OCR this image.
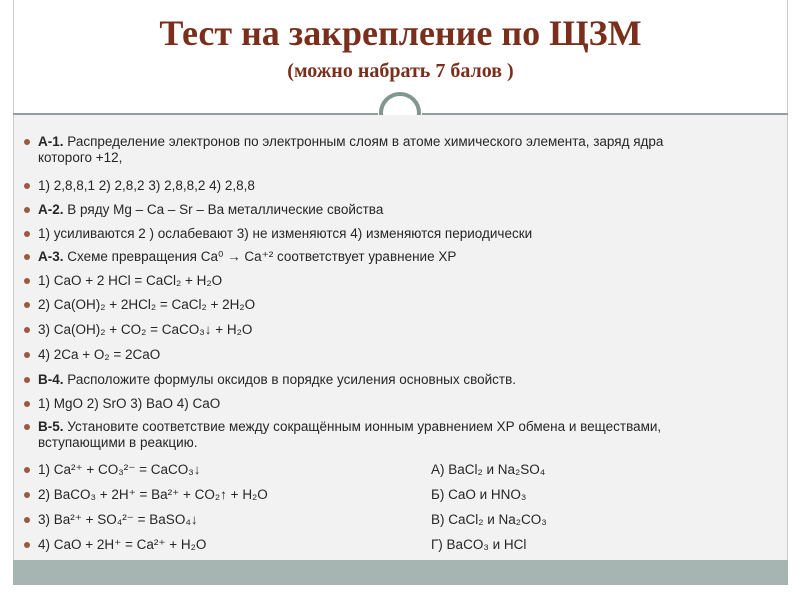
Тест на закрепление по ЩЗМ
(можно набрать 7 балов )
А-1. Распределение электронов по электронным слоям в атоме химического элемента, заряд ядра
которого +12,
1) 2,8,8,1 2) 2,8,2 3) 2,8,8,2 4) 2,8,8
А-2. В ряду Mg – Ca – Sr – Ba металлические свойства
1) усиливаются 2 ) ослабевают 3) не изменяются 4) изменяются периодически
А-3. Схеме превращения Ca⁰ → Ca⁺² соответствует уравнение ХР
1) CaO + 2 HCl = CaCl₂ + H₂O
2) Ca(OH)₂ + 2HCl₂ = CaCl₂ + 2H₂O
3) Ca(OH)₂ + CO₂ = CaCO₃↓ + H₂O
4) 2Ca + O₂ = 2CaO
В-4. Расположите формулы оксидов в порядке усиления основных свойств.
1) MgO 2) SrO 3) BaO 4) CaO
В-5. Установите соответствие между сокращённым ионным уравнением ХР обмена и веществами,
вступающими в реакцию.
1) Ca²⁺ + CO₃²⁻ = CaCO₃↓	А) BaCl₂ и Na₂SO₄
2) BaCO₃ + 2H⁺ = Ba²⁺ + CO₂↑ + H₂O	Б) CaO и HNO₃
3) Ba²⁺ + SO₄²⁻ = BaSO₄↓	В) CaCl₂ и Na₂CO₃
4) CaO + 2H⁺ = Ca²⁺ + H₂O	Г) BaCO₃ и HCl
